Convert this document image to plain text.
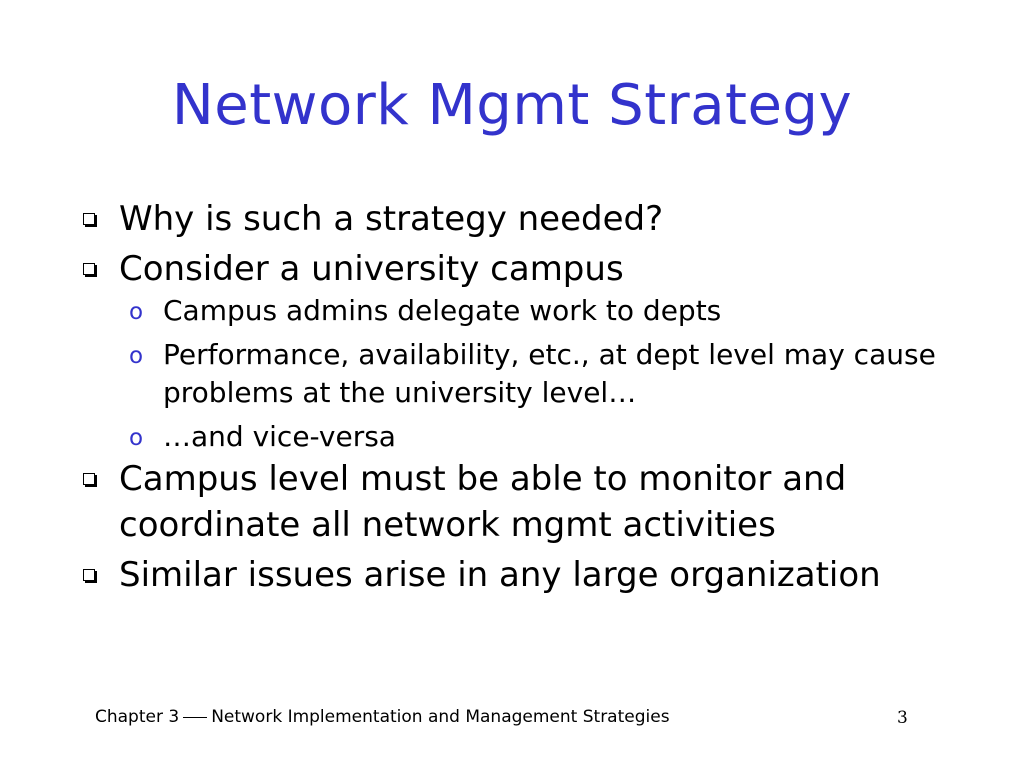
Network Mgmt Strategy
Why is such a strategy needed?
Consider a university campus
o Campus admins delegate work to depts
o Performance, availability, etc., at dept level may cause problems at the university level…
o …and vice-versa
Campus level must be able to monitor and coordinate all network mgmt activities
Similar issues arise in any large organization
Chapter 3 Network Implementation and Management Strategies	3
